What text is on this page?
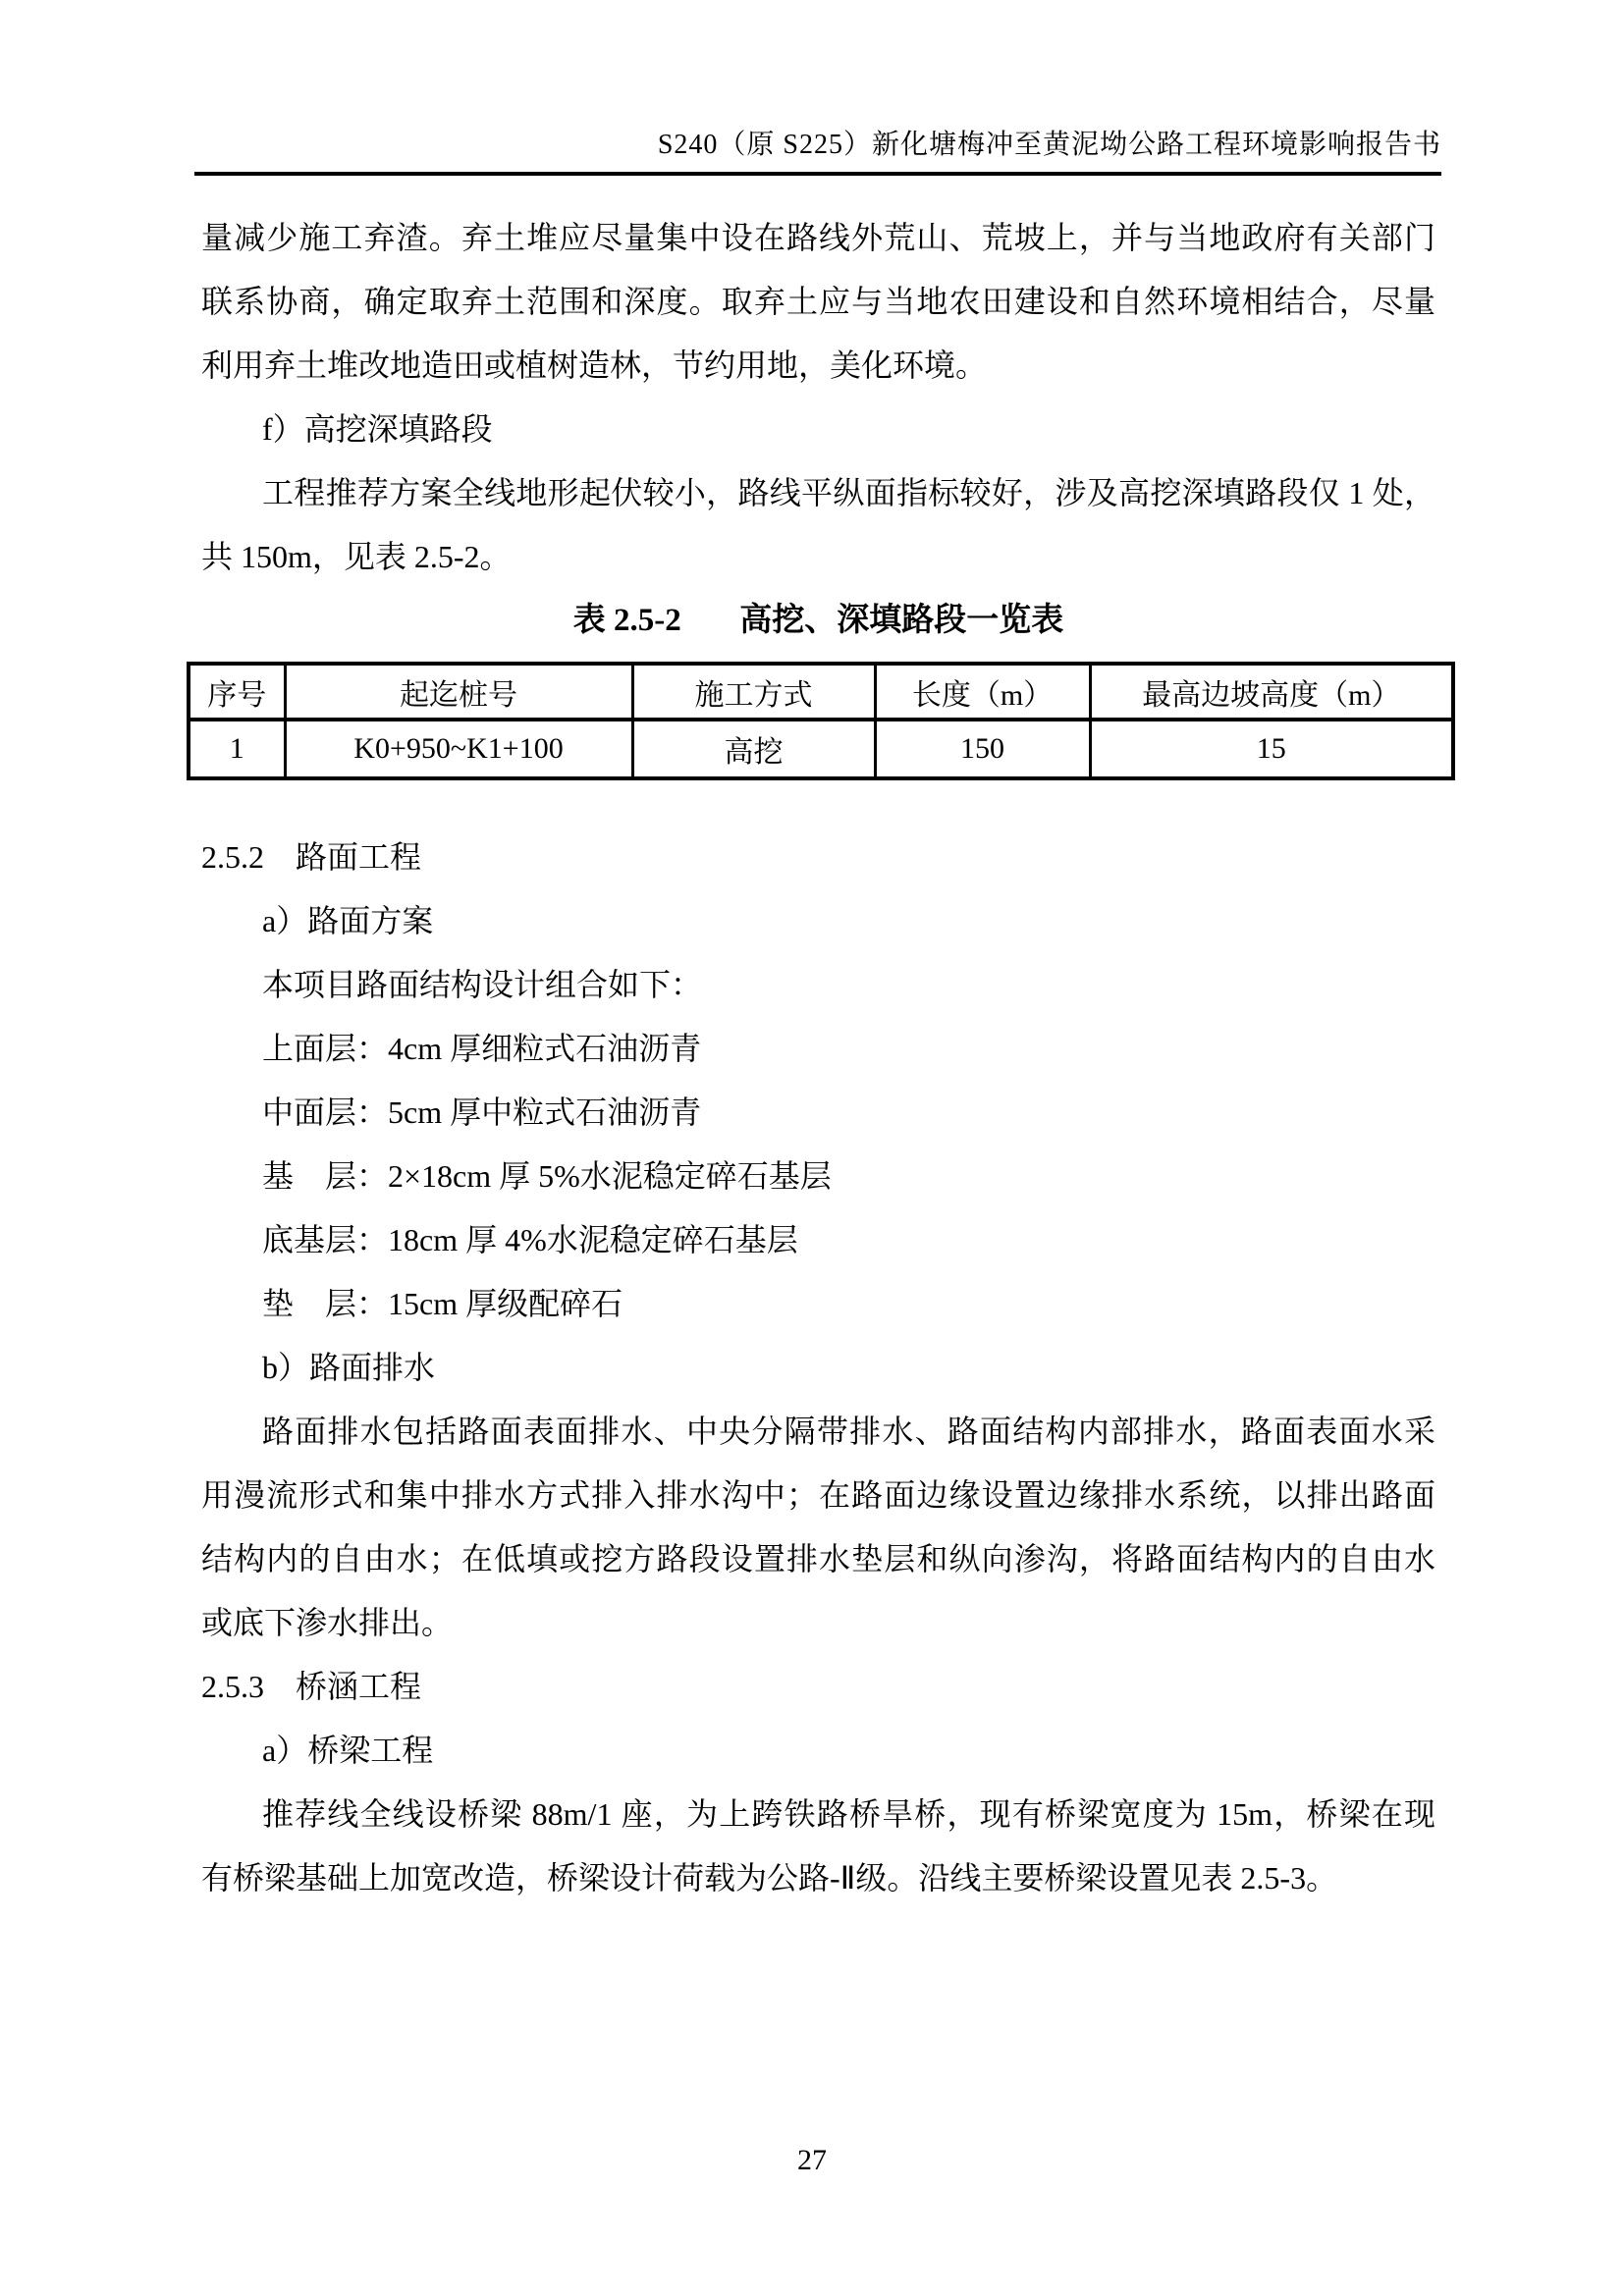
S240（原 S225）新化塘梅冲至黄泥坳公路工程环境影响报告书
量减少施工弃渣。弃土堆应尽量集中设在路线外荒山、荒坡上，并与当地政府有关部门
联系协商，确定取弃土范围和深度。取弃土应与当地农田建设和自然环境相结合，尽量
利用弃土堆改地造田或植树造林，节约用地，美化环境。
f）高挖深填路段
工程推荐方案全线地形起伏较小，路线平纵面指标较好，涉及高挖深填路段仅 1 处，
共 150m，见表 2.5-2。
表 2.5-2 高挖、深填路段一览表
序号	起迄桩号	施工方式	长度（m）	最高边坡高度（m）
1	K0+950~K1+100	高挖	150	15
2.5.2　路面工程
a）路面方案
本项目路面结构设计组合如下：
上面层：4cm 厚细粒式石油沥青
中面层：5cm 厚中粒式石油沥青
基　层：2×18cm 厚 5%水泥稳定碎石基层
底基层：18cm 厚 4%水泥稳定碎石基层
垫　层：15cm 厚级配碎石
b）路面排水
路面排水包括路面表面排水、中央分隔带排水、路面结构内部排水，路面表面水采
用漫流形式和集中排水方式排入排水沟中；在路面边缘设置边缘排水系统，以排出路面
结构内的自由水；在低填或挖方路段设置排水垫层和纵向渗沟，将路面结构内的自由水
或底下渗水排出。
2.5.3　桥涵工程
a）桥梁工程
推荐线全线设桥梁 88m/1 座，为上跨铁路桥旱桥，现有桥梁宽度为 15m，桥梁在现
有桥梁基础上加宽改造，桥梁设计荷载为公路-Ⅱ级。沿线主要桥梁设置见表 2.5-3。
27
